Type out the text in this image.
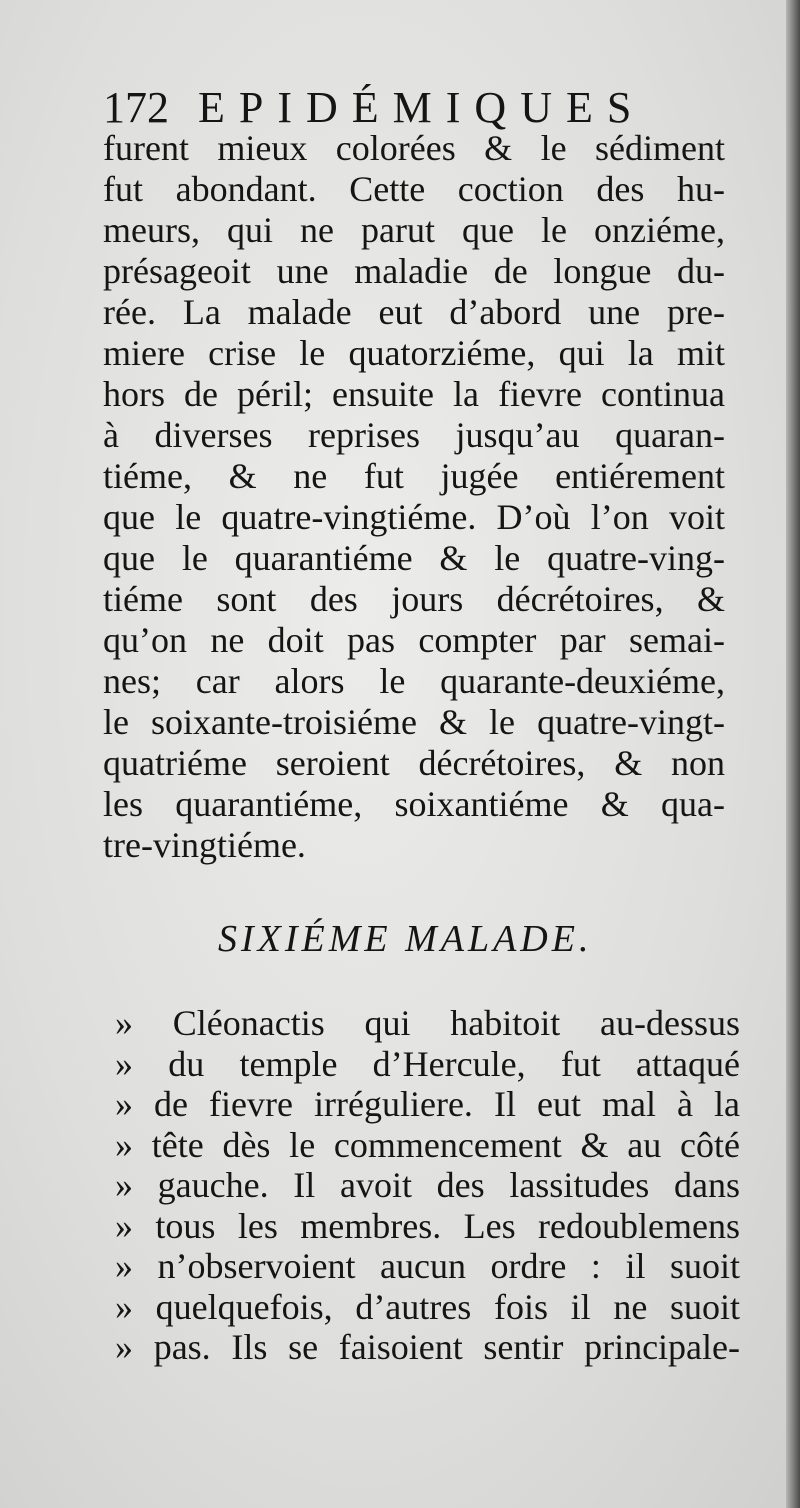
172 EPIDÉMIQUES
furent mieux colorées & le sédiment
fut abondant. Cette coction des hu-
meurs, qui ne parut que le onziéme,
présageoit une maladie de longue du-
rée. La malade eut d’abord une pre-
miere crise le quatorziéme, qui la mit
hors de péril; ensuite la fievre continua
à diverses reprises jusqu’au quaran-
tiéme, & ne fut jugée entiérement
que le quatre-vingtiéme. D’où l’on voit
que le quarantiéme & le quatre-ving-
tiéme sont des jours décrétoires, &
qu’on ne doit pas compter par semai-
nes; car alors le quarante-deuxiéme,
le soixante-troisiéme & le quatre-vingt-
quatriéme seroient décrétoires, & non
les quarantiéme, soixantiéme & qua-
tre-vingtiéme.
SIXIÉME MALADE.
» Cléonactis qui habitoit au-dessus
» du temple d’Hercule, fut attaqué
» de fievre irréguliere. Il eut mal à la
» tête dès le commencement & au côté
» gauche. Il avoit des lassitudes dans
» tous les membres. Les redoublemens
» n’observoient aucun ordre : il suoit
» quelquefois, d’autres fois il ne suoit
» pas. Ils se faisoient sentir principale-
